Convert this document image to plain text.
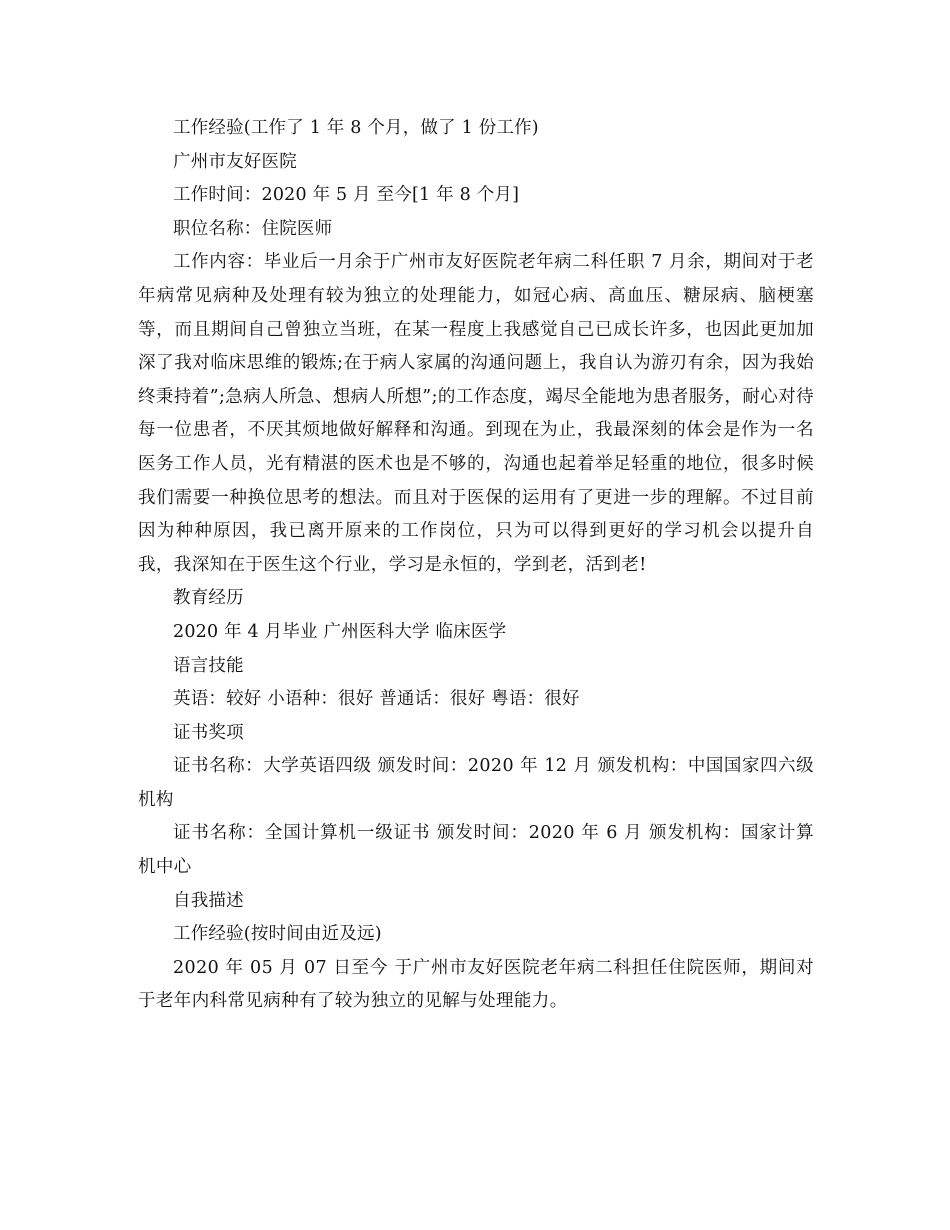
工作经验(工作了 1 年 8 个月，做了 1 份工作)

广州市友好医院

工作时间：2020 年 5 月 至今[1 年 8 个月]

职位名称：住院医师

工作内容：毕业后一月余于广州市友好医院老年病二科任职 7 月余，期间对于老年病常见病种及处理有较为独立的处理能力，如冠心病、高血压、糖尿病、脑梗塞等，而且期间自己曾独立当班，在某一程度上我感觉自己已成长许多，也因此更加加深了我对临床思维的锻炼;在于病人家属的沟通问题上，我自认为游刃有余，因为我始终秉持着”;急病人所急、想病人所想”;的工作态度，竭尽全能地为患者服务，耐心对待每一位患者，不厌其烦地做好解释和沟通。到现在为止，我最深刻的体会是作为一名医务工作人员，光有精湛的医术也是不够的，沟通也起着举足轻重的地位，很多时候我们需要一种换位思考的想法。而且对于医保的运用有了更进一步的理解。不过目前因为种种原因，我已离开原来的工作岗位，只为可以得到更好的学习机会以提升自我，我深知在于医生这个行业，学习是永恒的，学到老，活到老!

教育经历

2020 年 4 月毕业 广州医科大学 临床医学

语言技能

英语：较好 小语种：很好 普通话：很好 粤语：很好

证书奖项

证书名称：大学英语四级 颁发时间：2020 年 12 月 颁发机构：中国国家四六级机构

证书名称：全国计算机一级证书 颁发时间：2020 年 6 月 颁发机构：国家计算机中心

自我描述

工作经验(按时间由近及远)

2020 年 05 月 07 日至今 于广州市友好医院老年病二科担任住院医师，期间对于老年内科常见病种有了较为独立的见解与处理能力。
